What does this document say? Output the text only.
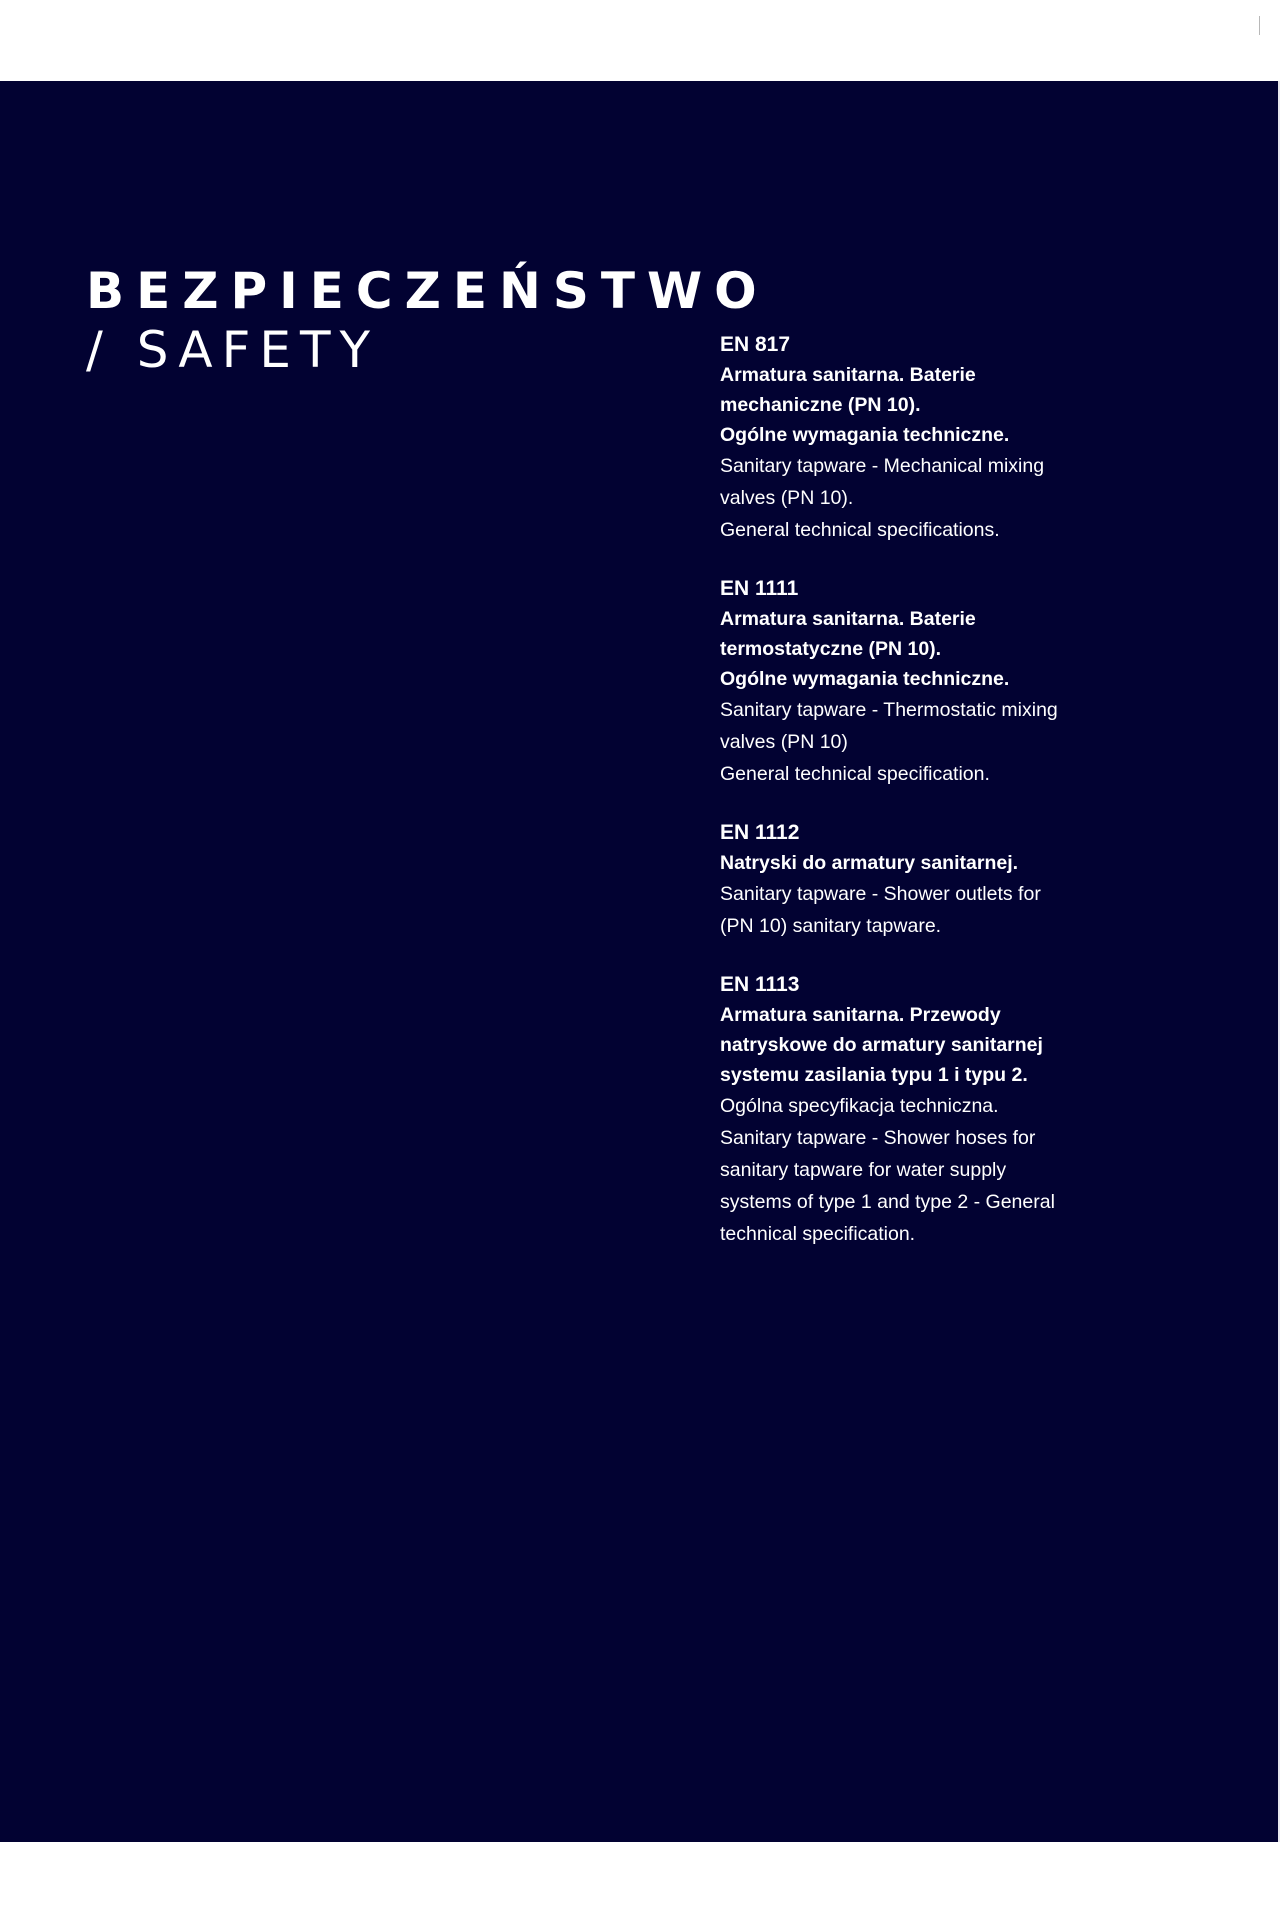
BEZPIECZEŃSTWO
/ SAFETY	EN 817
Armatura sanitarna. Baterie
mechaniczne (PN 10).
Ogólne wymagania techniczne.
Sanitary tapware - Mechanical mixing
valves (PN 10).
General technical specifications.
EN 1111
Armatura sanitarna. Baterie
termostatyczne (PN 10).
Ogólne wymagania techniczne.
Sanitary tapware - Thermostatic mixing
valves (PN 10)
General technical specification.
EN 1112
Natryski do armatury sanitarnej.
Sanitary tapware - Shower outlets for
(PN 10) sanitary tapware.
EN 1113
Armatura sanitarna. Przewody
natryskowe do armatury sanitarnej
systemu zasilania typu 1 i typu 2.
Ogólna specyfikacja techniczna.
Sanitary tapware - Shower hoses for
sanitary tapware for water supply
systems of type 1 and type 2 - General
technical specification.
